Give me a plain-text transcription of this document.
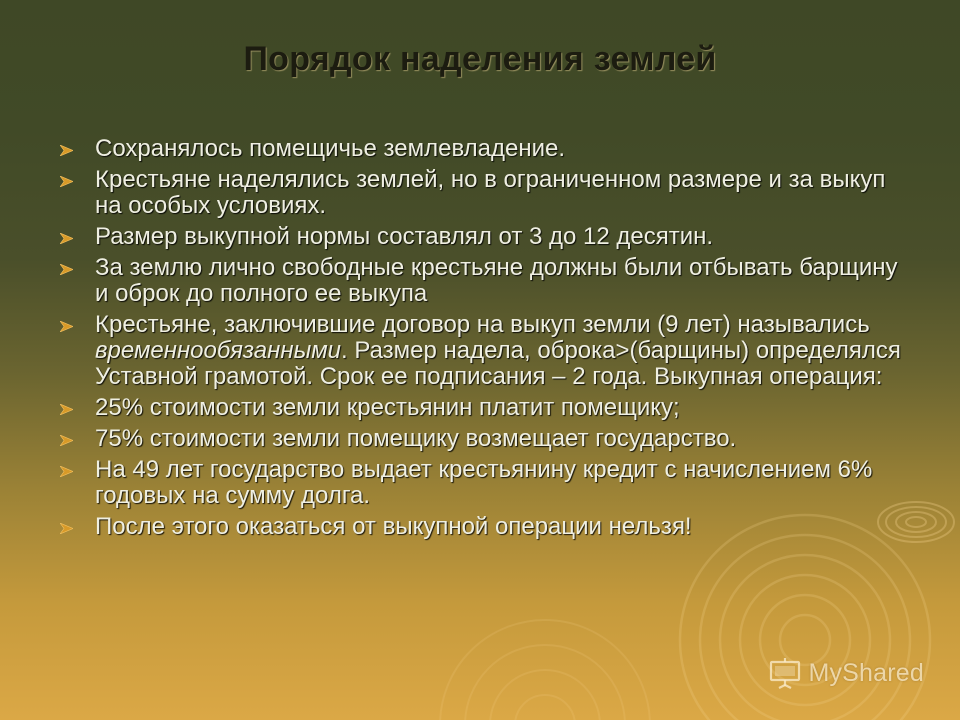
Порядок наделения землей
Сохранялось помещичье землевладение.
Крестьяне наделялись землей, но в ограниченном размере и за выкуп на особых условиях.
Размер выкупной нормы составлял от 3 до 12 десятин.
За землю лично свободные крестьяне должны были отбывать барщину и оброк до полного ее выкупа
Крестьяне, заключившие договор на выкуп земли (9 лет) назывались временнообязанными. Размер надела, оброка>(барщины) определялся Уставной грамотой. Срок ее подписания – 2 года. Выкупная операция:
25% стоимости земли крестьянин платит помещику;
75% стоимости земли помещику возмещает государство.
На 49 лет государство выдает крестьянину кредит с начислением 6% годовых на сумму долга.
После этого оказаться от выкупной операции нельзя!
MyShared
